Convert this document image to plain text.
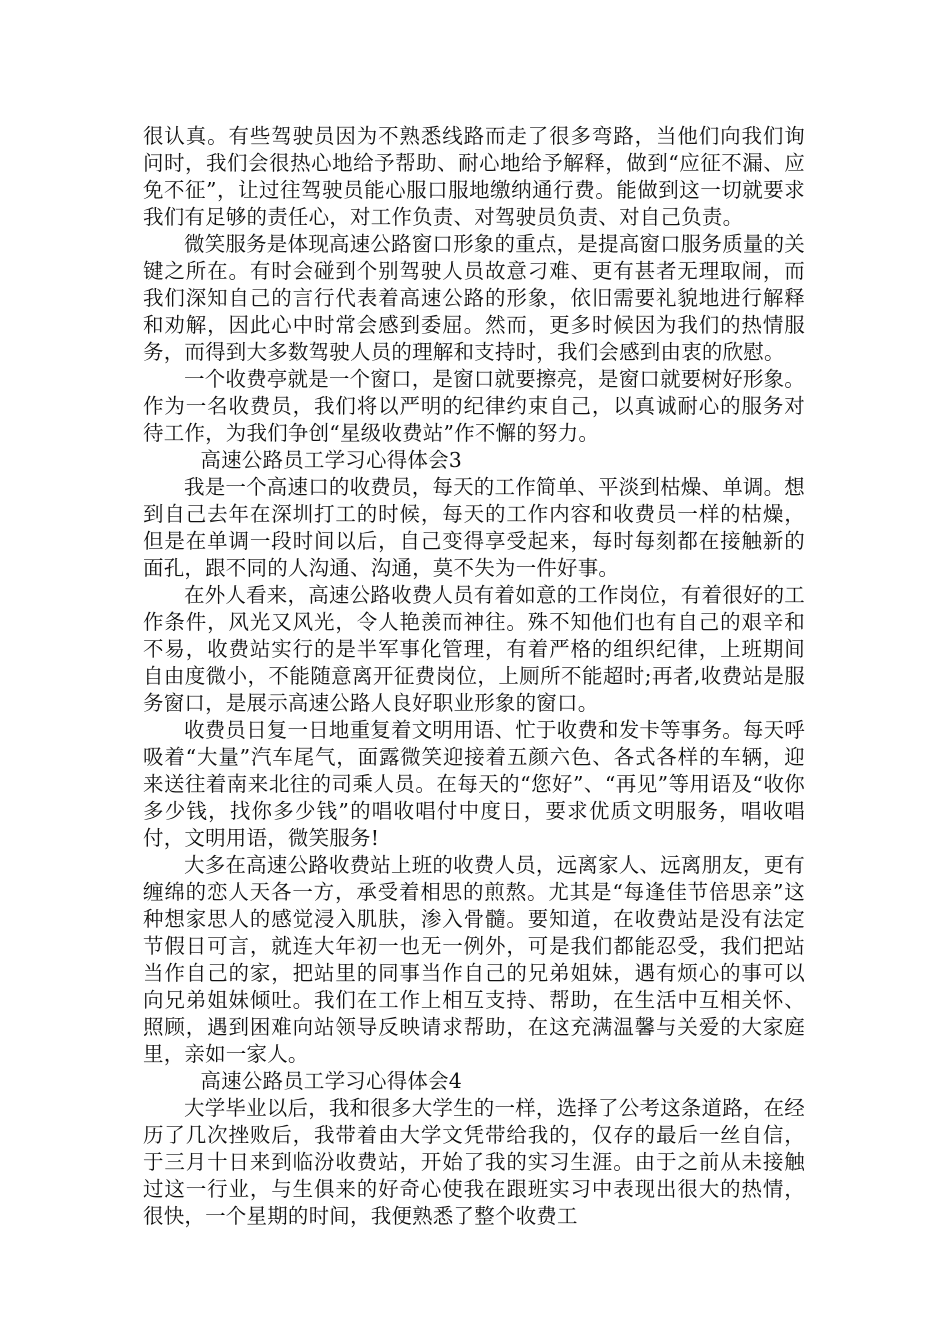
很认真。有些驾驶员因为不熟悉线路而走了很多弯路，当他们向我们询问时，我们会很热心地给予帮助、耐心地给予解释，做到“应征不漏、应免不征”，让过往驾驶员能心服口服地缴纳通行费。能做到这一切就要求我们有足够的责任心，对工作负责、对驾驶员负责、对自己负责。

微笑服务是体现高速公路窗口形象的重点，是提高窗口服务质量的关键之所在。有时会碰到个别驾驶人员故意刁难、更有甚者无理取闹，而我们深知自己的言行代表着高速公路的形象，依旧需要礼貌地进行解释和劝解，因此心中时常会感到委屈。然而，更多时候因为我们的热情服务，而得到大多数驾驶人员的理解和支持时，我们会感到由衷的欣慰。

一个收费亭就是一个窗口，是窗口就要擦亮，是窗口就要树好形象。作为一名收费员，我们将以严明的纪律约束自己，以真诚耐心的服务对待工作，为我们争创“星级收费站”作不懈的努力。

高速公路员工学习心得体会3

我是一个高速口的收费员，每天的工作简单、平淡到枯燥、单调。想到自己去年在深圳打工的时候，每天的工作内容和收费员一样的枯燥，但是在单调一段时间以后，自己变得享受起来，每时每刻都在接触新的面孔，跟不同的人沟通、沟通，莫不失为一件好事。

在外人看来，高速公路收费人员有着如意的工作岗位，有着很好的工作条件，风光又风光，令人艳羡而神往。殊不知他们也有自己的艰辛和不易，收费站实行的是半军事化管理，有着严格的组织纪律，上班期间自由度微小，不能随意离开征费岗位，上厕所不能超时;再者,收费站是服务窗口，是展示高速公路人良好职业形象的窗口。

收费员日复一日地重复着文明用语、忙于收费和发卡等事务。每天呼吸着“大量”汽车尾气，面露微笑迎接着五颜六色、各式各样的车辆，迎来送往着南来北往的司乘人员。在每天的“您好”、“再见”等用语及“收你多少钱，找你多少钱”的唱收唱付中度日，要求优质文明服务，唱收唱付，文明用语，微笑服务!

大多在高速公路收费站上班的收费人员，远离家人、远离朋友，更有缠绵的恋人天各一方，承受着相思的煎熬。尤其是“每逢佳节倍思亲”这种想家思人的感觉浸入肌肤，渗入骨髓。要知道，在收费站是没有法定节假日可言，就连大年初一也无一例外，可是我们都能忍受，我们把站当作自己的家，把站里的同事当作自己的兄弟姐妹，遇有烦心的事可以向兄弟姐妹倾吐。我们在工作上相互支持、帮助，在生活中互相关怀、照顾，遇到困难向站领导反映请求帮助，在这充满温馨与关爱的大家庭里，亲如一家人。

高速公路员工学习心得体会4

大学毕业以后，我和很多大学生的一样，选择了公考这条道路，在经历了几次挫败后，我带着由大学文凭带给我的，仅存的最后一丝自信，于三月十日来到临汾收费站，开始了我的实习生涯。由于之前从未接触过这一行业，与生俱来的好奇心使我在跟班实习中表现出很大的热情，很快，一个星期的时间，我便熟悉了整个收费工
